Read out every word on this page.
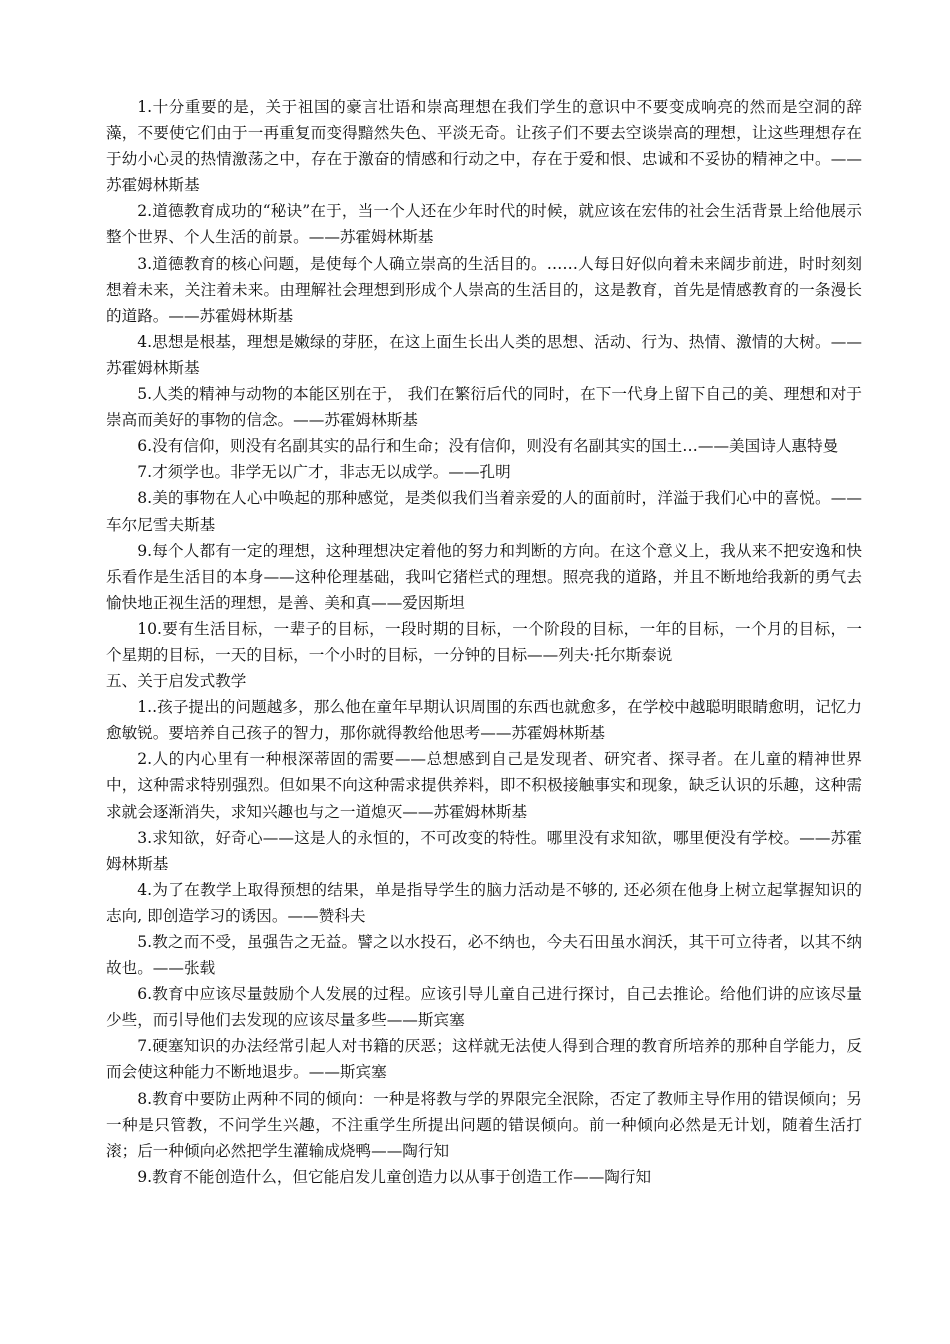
1.十分重要的是，关于祖国的豪言壮语和崇高理想在我们学生的意识中不要变成响亮的然而是空洞的辞藻，不要使它们由于一再重复而变得黯然失色、平淡无奇。让孩子们不要去空谈崇高的理想，让这些理想存在于幼小心灵的热情激荡之中，存在于激奋的情感和行动之中，存在于爱和恨、忠诚和不妥协的精神之中。——苏霍姆林斯基

2.道德教育成功的“秘诀”在于，当一个人还在少年时代的时候，就应该在宏伟的社会生活背景上给他展示整个世界、个人生活的前景。——苏霍姆林斯基

3.道德教育的核心问题，是使每个人确立崇高的生活目的。……人每日好似向着未来阔步前进，时时刻刻想着未来，关注着未来。由理解社会理想到形成个人崇高的生活目的，这是教育，首先是情感教育的一条漫长的道路。——苏霍姆林斯基

4.思想是根基，理想是嫩绿的芽胚，在这上面生长出人类的思想、活动、行为、热情、激情的大树。——苏霍姆林斯基

5.人类的精神与动物的本能区别在于， 我们在繁衍后代的同时，在下一代身上留下自己的美、理想和对于崇高而美好的事物的信念。——苏霍姆林斯基

6.没有信仰，则没有名副其实的品行和生命；没有信仰，则没有名副其实的国土…——美国诗人惠特曼

7.才须学也。非学无以广才，非志无以成学。——孔明

8.美的事物在人心中唤起的那种感觉，是类似我们当着亲爱的人的面前时，洋溢于我们心中的喜悦。——车尔尼雪夫斯基

9.每个人都有一定的理想，这种理想决定着他的努力和判断的方向。在这个意义上，我从来不把安逸和快乐看作是生活目的本身——这种伦理基础，我叫它猪栏式的理想。照亮我的道路，并且不断地给我新的勇气去愉快地正视生活的理想，是善、美和真——爱因斯坦

10.要有生活目标，一辈子的目标，一段时期的目标，一个阶段的目标，一年的目标，一个月的目标，一个星期的目标，一天的目标，一个小时的目标，一分钟的目标——列夫·托尔斯泰说

五、关于启发式教学

1..孩子提出的问题越多，那么他在童年早期认识周围的东西也就愈多，在学校中越聪明眼睛愈明，记忆力愈敏锐。要培养自己孩子的智力，那你就得教给他思考——苏霍姆林斯基

2.人的内心里有一种根深蒂固的需要——总想感到自己是发现者、研究者、探寻者。在儿童的精神世界中，这种需求特别强烈。但如果不向这种需求提供养料，即不积极接触事实和现象，缺乏认识的乐趣，这种需求就会逐渐消失，求知兴趣也与之一道熄灭——苏霍姆林斯基

3.求知欲，好奇心——这是人的永恒的，不可改变的特性。哪里没有求知欲，哪里便没有学校。——苏霍姆林斯基

4.为了在教学上取得预想的结果，单是指导学生的脑力活动是不够的, 还必须在他身上树立起掌握知识的志向, 即创造学习的诱因。——赞科夫

5.教之而不受，虽强告之无益。譬之以水投石，必不纳也，今夫石田虽水润沃，其干可立待者，以其不纳故也。——张载

6.教育中应该尽量鼓励个人发展的过程。应该引导儿童自己进行探讨，自己去推论。给他们讲的应该尽量少些，而引导他们去发现的应该尽量多些——斯宾塞

7.硬塞知识的办法经常引起人对书籍的厌恶；这样就无法使人得到合理的教育所培养的那种自学能力，反而会使这种能力不断地退步。——斯宾塞

8.教育中要防止两种不同的倾向：一种是将教与学的界限完全泯除，否定了教师主导作用的错误倾向；另一种是只管教，不问学生兴趣，不注重学生所提出问题的错误倾向。前一种倾向必然是无计划，随着生活打滚；后一种倾向必然把学生灌输成烧鸭——陶行知

9.教育不能创造什么，但它能启发儿童创造力以从事于创造工作——陶行知
